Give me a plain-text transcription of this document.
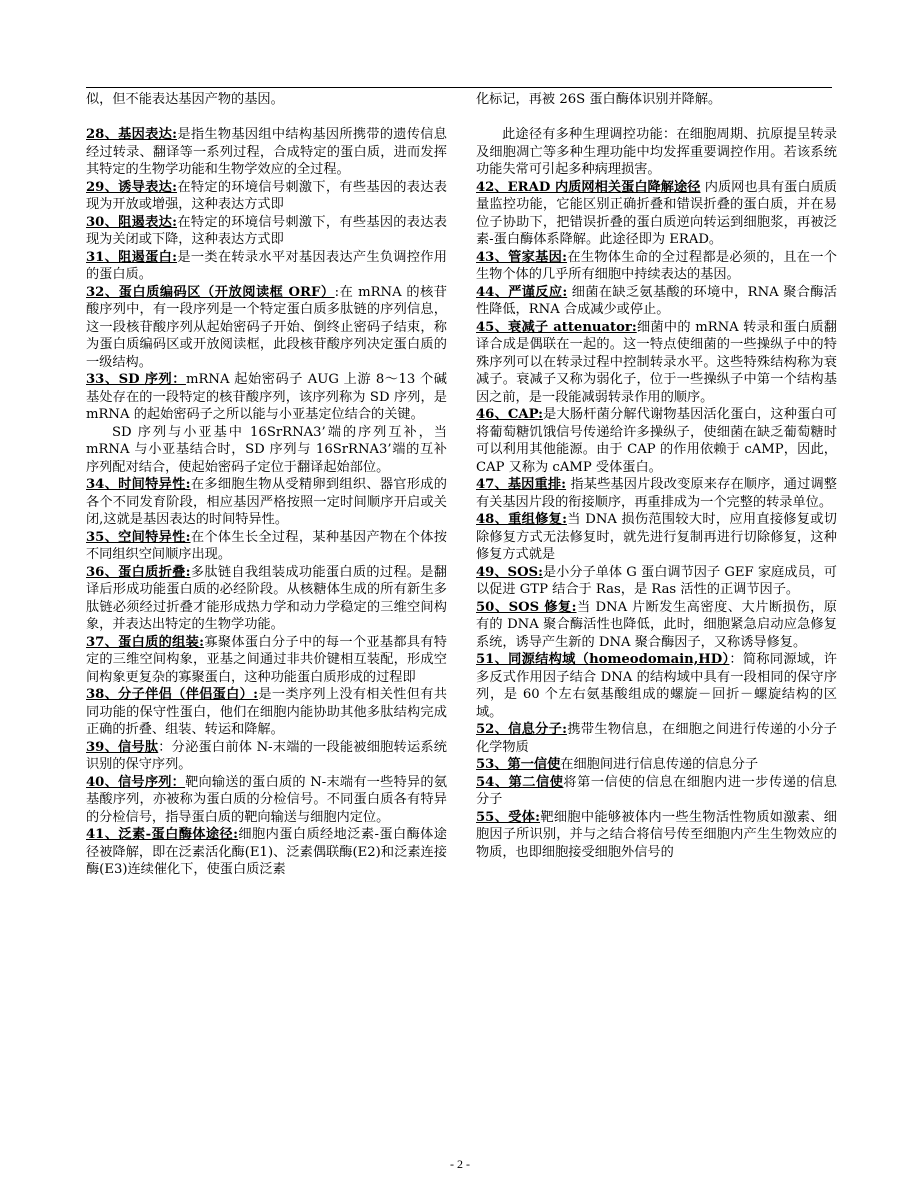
似，但不能表达基因产物的基因。

28、基因表达:是指生物基因组中结构基因所携带的遗传信息经过转录、翻译等一系列过程，合成特定的蛋白质，进而发挥其特定的生物学功能和生物学效应的全过程。

29、诱导表达:在特定的环境信号刺激下，有些基因的表达表现为开放或增强，这种表达方式即

30、阻遏表达:在特定的环境信号刺激下，有些基因的表达表现为关闭或下降，这种表达方式即

31、阻遏蛋白:是一类在转录水平对基因表达产生负调控作用的蛋白质。

32、蛋白质编码区（开放阅读框 ORF）:在 mRNA 的核苷酸序列中，有一段序列是一个特定蛋白质多肽链的序列信息，这一段核苷酸序列从起始密码子开始、倒终止密码子结束，称为蛋白质编码区或开放阅读框，此段核苷酸序列决定蛋白质的一级结构。

33、SD 序列：mRNA 起始密码子 AUG 上游 8～13 个碱基处存在的一段特定的核苷酸序列，该序列称为 SD 序列，是 mRNA 的起始密码子之所以能与小亚基定位结合的关键。

SD 序列与小亚基中 16SrRNA3’端的序列互补，当 mRNA 与小亚基结合时，SD 序列与 16SrRNA3’端的互补序列配对结合，使起始密码子定位于翻译起始部位。

34、时间特异性:在多细胞生物从受精卵到组织、器官形成的各个不同发育阶段，相应基因严格按照一定时间顺序开启或关闭,这就是基因表达的时间特异性。

35、空间特异性:在个体生长全过程，某种基因产物在个体按不同组织空间顺序出现。

36、蛋白质折叠:多肽链自我组装成功能蛋白质的过程。是翻译后形成功能蛋白质的必经阶段。从核糖体生成的所有新生多肽链必须经过折叠才能形成热力学和动力学稳定的三维空间构象，并表达出特定的生物学功能。

37、蛋白质的组装:寡聚体蛋白分子中的每一个亚基都具有特定的三维空间构象，亚基之间通过非共价键相互装配，形成空间构象更复杂的寡聚蛋白，这种功能蛋白质形成的过程即

38、分子伴侣（伴侣蛋白）:是一类序列上没有相关性但有共同功能的保守性蛋白，他们在细胞内能协助其他多肽结构完成正确的折叠、组装、转运和降解。

39、信号肽：分泌蛋白前体 N-末端的一段能被细胞转运系统识别的保守序列。

40、信号序列：靶向输送的蛋白质的 N-末端有一些特异的氨基酸序列，亦被称为蛋白质的分检信号。不同蛋白质各有特异的分检信号，指导蛋白质的靶向输送与细胞内定位。

41、泛素-蛋白酶体途径:细胞内蛋白质经地泛素-蛋白酶体途径被降解，即在泛素活化酶(E1)、泛素偶联酶(E2)和泛素连接酶(E3)连续催化下，使蛋白质泛素

化标记，再被 26S 蛋白酶体识别并降解。

此途径有多种生理调控功能：在细胞周期、抗原提呈转录及细胞凋亡等多种生理功能中均发挥重要调控作用。若该系统功能失常可引起多种病理损害。

42、ERAD 内质网相关蛋白降解途径 内质网也具有蛋白质质量监控功能，它能区别正确折叠和错误折叠的蛋白质，并在易位子协助下，把错误折叠的蛋白质逆向转运到细胞浆，再被泛素-蛋白酶体系降解。此途径即为 ERAD。

43、管家基因:在生物体生命的全过程都是必须的，且在一个生物个体的几乎所有细胞中持续表达的基因。

44、严谨反应: 细菌在缺乏氨基酸的环境中，RNA 聚合酶活性降低，RNA 合成减少或停止。

45、衰减子 attenuator:细菌中的 mRNA 转录和蛋白质翻译合成是偶联在一起的。这一特点使细菌的一些操纵子中的特殊序列可以在转录过程中控制转录水平。这些特殊结构称为衰减子。衰减子又称为弱化子，位于一些操纵子中第一个结构基因之前，是一段能减弱转录作用的顺序。

46、CAP:是大肠杆菌分解代谢物基因活化蛋白，这种蛋白可将葡萄糖饥饿信号传递给许多操纵子，使细菌在缺乏葡萄糖时可以利用其他能源。由于 CAP 的作用依赖于 cAMP，因此，CAP 又称为 cAMP 受体蛋白。

47、基因重排: 指某些基因片段改变原来存在顺序，通过调整有关基因片段的衔接顺序，再重排成为一个完整的转录单位。

48、重组修复:当 DNA 损伤范围较大时，应用直接修复或切除修复方式无法修复时，就先进行复制再进行切除修复，这种修复方式就是

49、SOS:是小分子单体 G 蛋白调节因子 GEF 家庭成员，可以促进 GTP 结合于 Ras，是 Ras 活性的正调节因子。

50、SOS 修复:当 DNA 片断发生高密度、大片断损伤，原有的 DNA 聚合酶活性也降低，此时，细胞紧急启动应急修复系统，诱导产生新的 DNA 聚合酶因子，又称诱导修复。

51、同源结构域（homeodomain,HD）：简称同源域，许多反式作用因子结合 DNA 的结构域中具有一段相同的保守序列，是 60 个左右氨基酸组成的螺旋－回折－螺旋结构的区域。

52、信息分子:携带生物信息，在细胞之间进行传递的小分子化学物质

53、第一信使在细胞间进行信息传递的信息分子

54、第二信使将第一信使的信息在细胞内进一步传递的信息分子

55、受体:靶细胞中能够被体内一些生物活性物质如激素、细胞因子所识别，并与之结合将信号传至细胞内产生生物效应的物质，也即细胞接受细胞外信号的

- 2 -
